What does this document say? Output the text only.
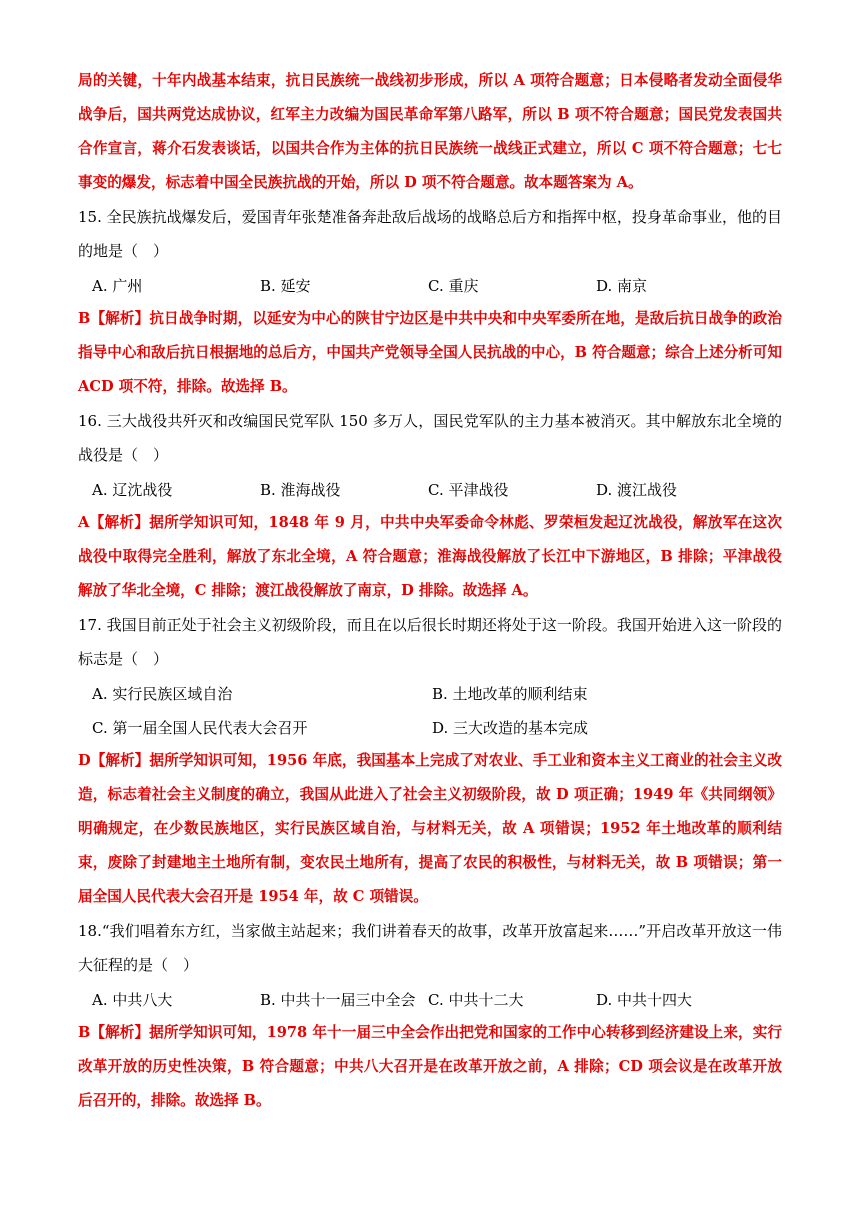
局的关键，十年内战基本结束，抗日民族统一战线初步形成，所以 A 项符合题意；日本侵略者发动全面侵华战争后，国共两党达成协议，红军主力改编为国民革命军第八路军，所以 B 项不符合题意；国民党发表国共合作宣言，蒋介石发表谈话，以国共合作为主体的抗日民族统一战线正式建立，所以 C 项不符合题意；七七事变的爆发，标志着中国全民族抗战的开始，所以 D 项不符合题意。故本题答案为 A。

15. 全民族抗战爆发后，爱国青年张楚准备奔赴敌后战场的战略总后方和指挥中枢，投身革命事业，他的目的地是（　）

A. 广州	B. 延安	C. 重庆	D. 南京

B【解析】抗日战争时期，以延安为中心的陕甘宁边区是中共中央和中央军委所在地，是敌后抗日战争的政治指导中心和敌后抗日根据地的总后方，中国共产党领导全国人民抗战的中心，B 符合题意；综合上述分析可知 ACD 项不符，排除。故选择 B。

16. 三大战役共歼灭和改编国民党军队 150 多万人，国民党军队的主力基本被消灭。其中解放东北全境的战役是（　）

A. 辽沈战役	B. 淮海战役	C. 平津战役	D. 渡江战役

A【解析】据所学知识可知，1848 年 9 月，中共中央军委命令林彪、罗荣桓发起辽沈战役，解放军在这次战役中取得完全胜利，解放了东北全境，A 符合题意；淮海战役解放了长江中下游地区，B 排除；平津战役解放了华北全境，C 排除；渡江战役解放了南京，D 排除。故选择 A。

17. 我国目前正处于社会主义初级阶段，而且在以后很长时期还将处于这一阶段。我国开始进入这一阶段的标志是（　）

A. 实行民族区域自治	B. 土地改革的顺利结束
C. 第一届全国人民代表大会召开	D. 三大改造的基本完成

D【解析】据所学知识可知，1956 年底，我国基本上完成了对农业、手工业和资本主义工商业的社会主义改造，标志着社会主义制度的确立，我国从此进入了社会主义初级阶段，故 D 项正确；1949 年《共同纲领》明确规定，在少数民族地区，实行民族区域自治，与材料无关，故 A 项错误；1952 年土地改革的顺利结束，废除了封建地主土地所有制，变农民土地所有，提高了农民的积极性，与材料无关，故 B 项错误；第一届全国人民代表大会召开是 1954 年，故 C 项错误。

18.“我们唱着东方红，当家做主站起来；我们讲着春天的故事，改革开放富起来……”开启改革开放这一伟大征程的是（　）

A. 中共八大	B. 中共十一届三中全会 C. 中共十二大	D. 中共十四大

B【解析】据所学知识可知，1978 年十一届三中全会作出把党和国家的工作中心转移到经济建设上来，实行改革开放的历史性决策，B 符合题意；中共八大召开是在改革开放之前，A 排除；CD 项会议是在改革开放后召开的，排除。故选择 B。
